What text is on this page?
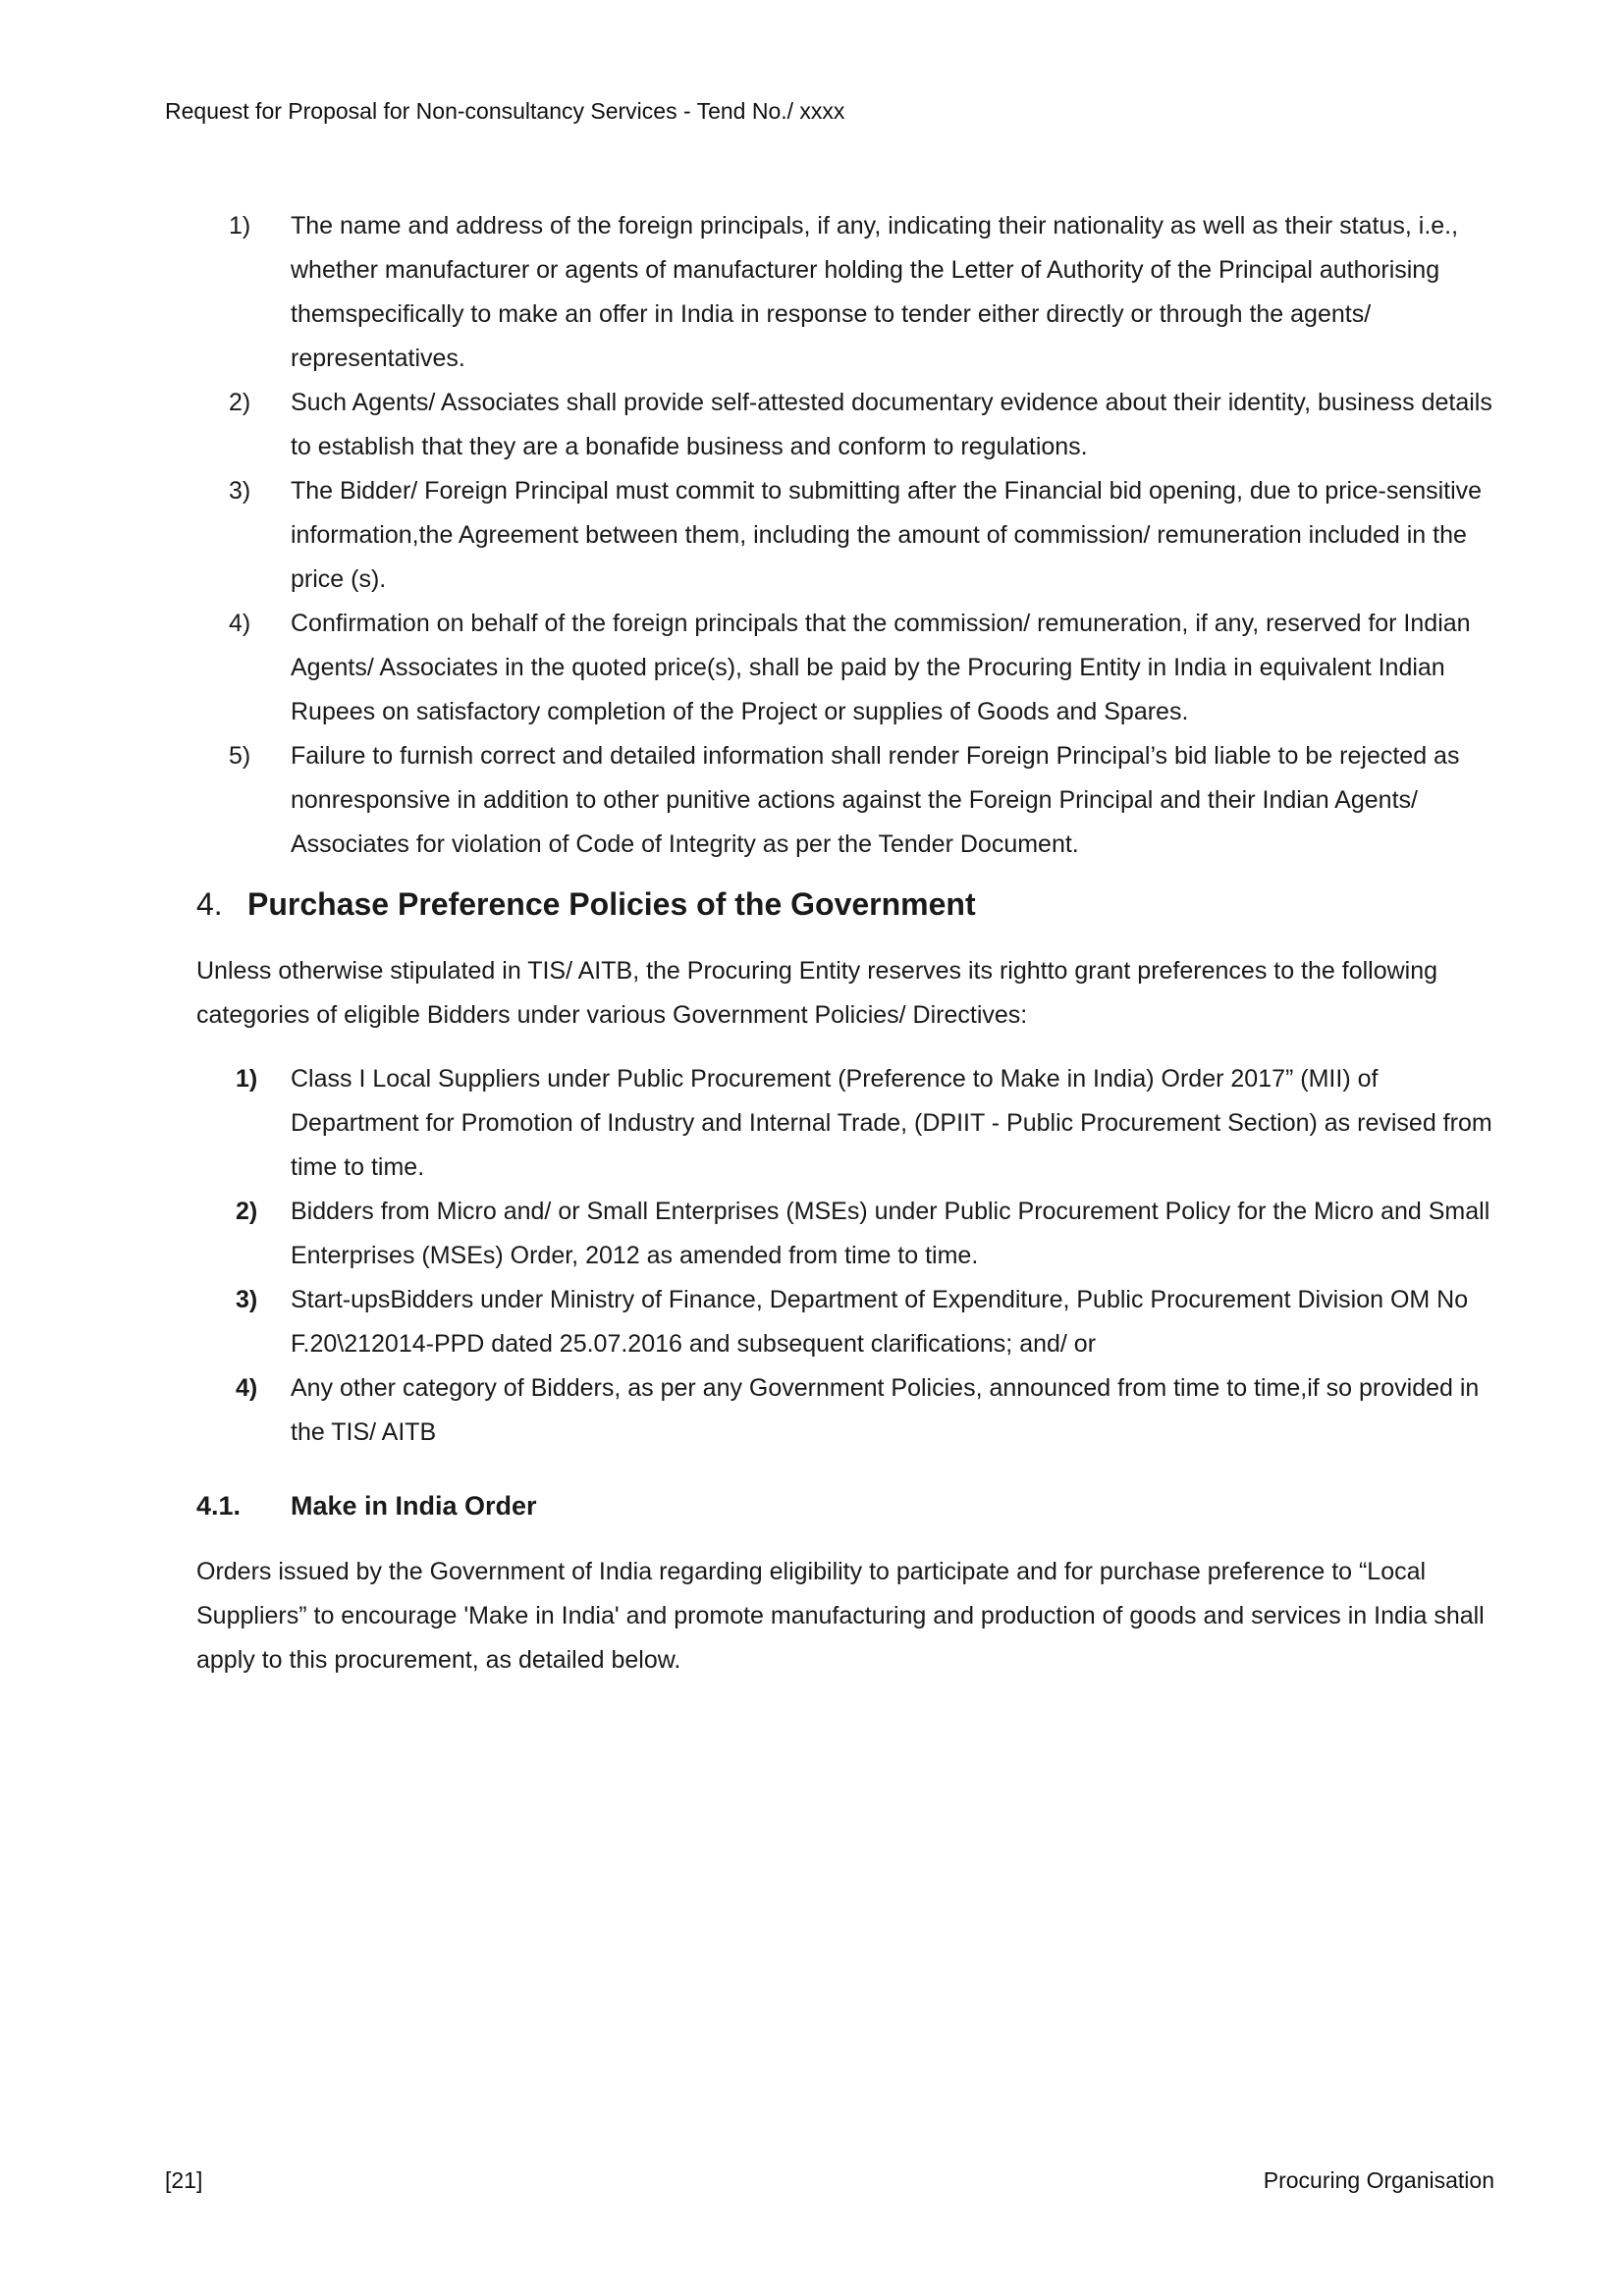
Request for Proposal for Non-consultancy Services - Tend No./ xxxx
1)	The name and address of the foreign principals, if any, indicating their nationality as well as their status, i.e., whether manufacturer or agents of manufacturer holding the Letter of Authority of the Principal authorising themspecifically to make an offer in India in response to tender either directly or through the agents/ representatives.
2)	Such Agents/ Associates shall provide self-attested documentary evidence about their identity, business details to establish that they are a bonafide business and conform to regulations.
3)	The Bidder/ Foreign Principal must commit to submitting after the Financial bid opening, due to price-sensitive information,the Agreement between them, including the amount of commission/ remuneration included in the price (s).
4)	Confirmation on behalf of the foreign principals that the commission/ remuneration, if any, reserved for Indian Agents/ Associates in the quoted price(s), shall be paid by the Procuring Entity in India in equivalent Indian Rupees on satisfactory completion of the Project or supplies of Goods and Spares.
5)	Failure to furnish correct and detailed information shall render Foreign Principal’s bid liable to be rejected as nonresponsive in addition to other punitive actions against the Foreign Principal and their Indian Agents/ Associates for violation of Code of Integrity as per the Tender Document.
4. Purchase Preference Policies of the Government
Unless otherwise stipulated in TIS/ AITB, the Procuring Entity reserves its rightto grant preferences to the following categories of eligible Bidders under various Government Policies/ Directives:
1)	Class I Local Suppliers under Public Procurement (Preference to Make in India) Order 2017” (MII) of Department for Promotion of Industry and Internal Trade, (DPIIT - Public Procurement Section) as revised from time to time.
2)	Bidders from Micro and/ or Small Enterprises (MSEs) under Public Procurement Policy for the Micro and Small Enterprises (MSEs) Order, 2012 as amended from time to time.
3)	Start-upsBidders under Ministry of Finance, Department of Expenditure, Public Procurement Division OM No F.20\212014-PPD dated 25.07.2016 and subsequent clarifications; and/ or
4)	Any other category of Bidders, as per any Government Policies, announced from time to time,if so provided in the TIS/ AITB
4.1.	Make in India Order
Orders issued by the Government of India regarding eligibility to participate and for purchase preference to “Local Suppliers” to encourage 'Make in India' and promote manufacturing and production of goods and services in India shall apply to this procurement, as detailed below.
[21]	Procuring Organisation
